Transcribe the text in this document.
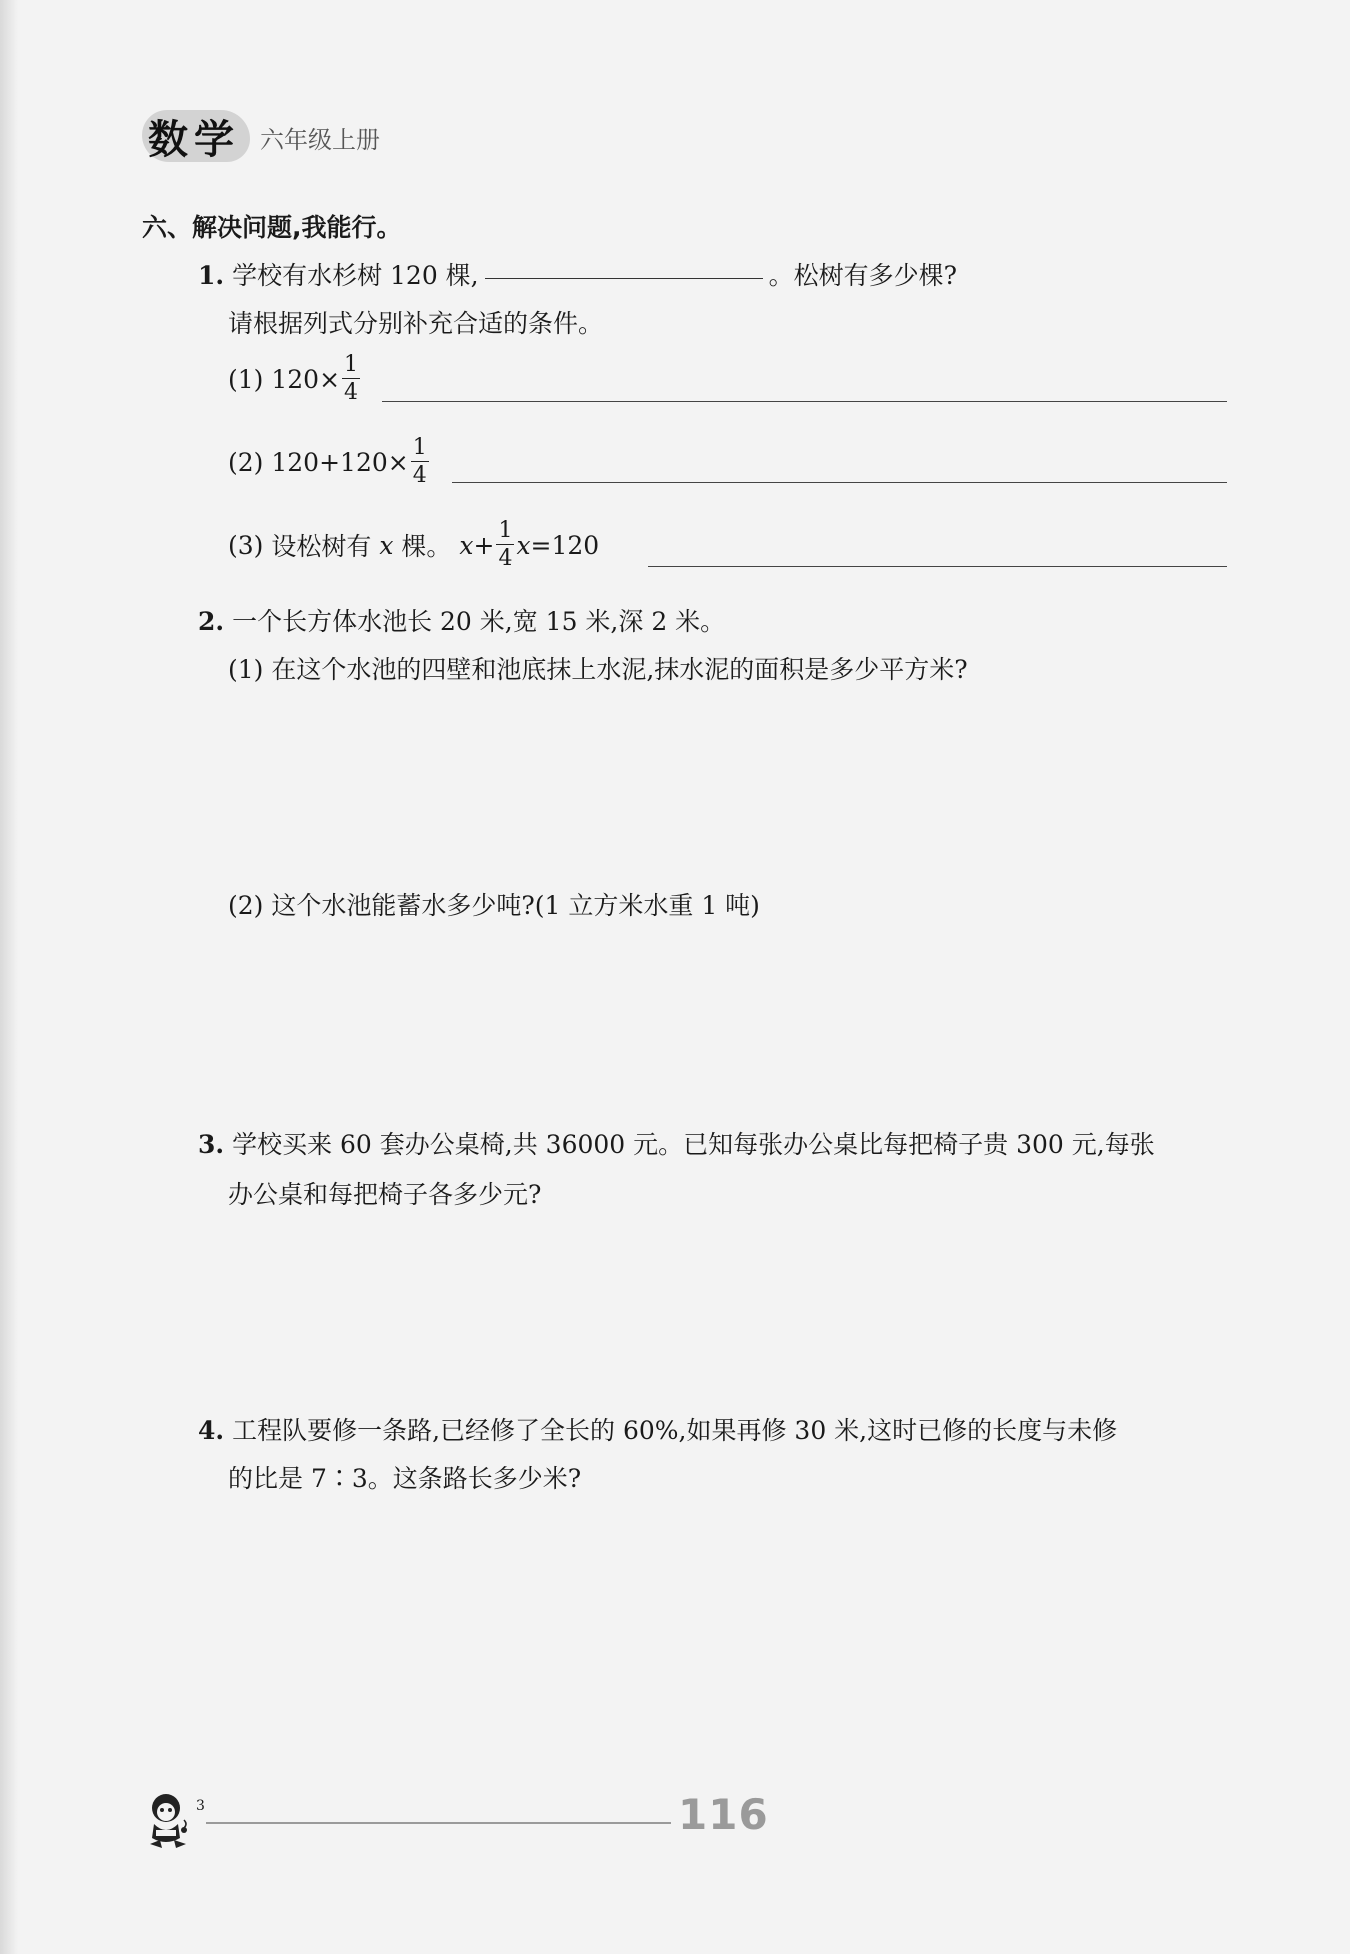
数学 六年级上册
六、解决问题,我能行。
1. 学校有水杉树 120 棵,	。松树有多少棵?
请根据列式分别补充合适的条件。
(1)
$120\times \frac{1}{4}$
(2)
$120+120\times \frac{1}{4}$
(3)
设松树有
x
棵。
$x + \frac{1}{4}$ x =120
2. 一个长方体水池长 20 米,宽 15 米,深 2 米。
(1) 在这个水池的四壁和池底抹上水泥,抹水泥的面积是多少平方米?
(2) 这个水池能蓄水多少吨?(1 立方米水重 1 吨)
3. 学校买来 60 套办公桌椅,共 36000 元。已知每张办公桌比每把椅子贵 300 元,每张
办公桌和每把椅子各多少元?
4. 工程队要修一条路,已经修了全长的 60%,如果再修 30 米,这时已修的长度与未修
的比是 7∶3。这条路长多少米?
3	116
